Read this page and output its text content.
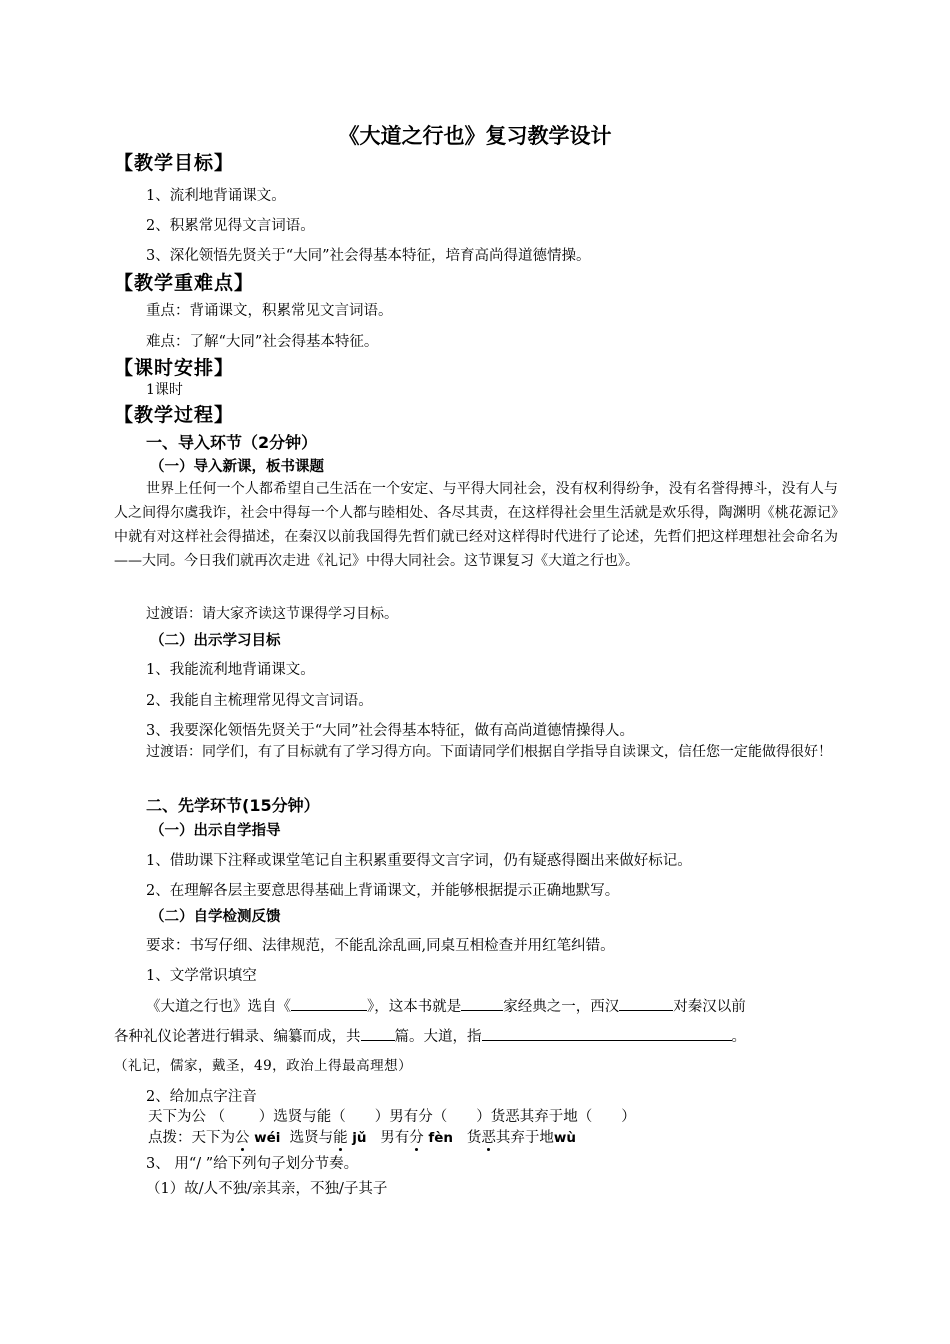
《大道之行也》复习教学设计
【教学目标】
1、流利地背诵课文。
2、积累常见得文言词语。
3、深化领悟先贤关于“大同”社会得基本特征，培育高尚得道德情操。
【教学重难点】
重点：背诵课文，积累常见文言词语。
难点：了解“大同”社会得基本特征。
【课时安排】
1课时
【教学过程】
一、导入环节（2分钟）
（一）导入新课，板书课题
世界上任何一个人都希望自己生活在一个安定、与平得大同社会，没有权利得纷争，没有名誉得搏斗，没有人与人之间得尔虞我诈，社会中得每一个人都与睦相处、各尽其责，在这样得社会里生活就是欢乐得，陶渊明《桃花源记》中就有对这样社会得描述，在秦汉以前我国得先哲们就已经对这样得时代进行了论述，先哲们把这样理想社会命名为——大同。今日我们就再次走进《礼记》中得大同社会。这节课复习《大道之行也》。
过渡语：请大家齐读这节课得学习目标。
（二）出示学习目标
1、我能流利地背诵课文。
2、我能自主梳理常见得文言词语。
3、我要深化领悟先贤关于“大同”社会得基本特征，做有高尚道德情操得人。
过渡语：同学们，有了目标就有了学习得方向。下面请同学们根据自学指导自读课文，信任您一定能做得很好！
二、先学环节(15分钟）
（一）出示自学指导
1、借助课下注释或课堂笔记自主积累重要得文言字词，仍有疑惑得圈出来做好标记。
2、在理解各层主要意思得基础上背诵课文，并能够根据提示正确地默写。
（二）自学检测反馈
要求：书写仔细、法律规范，不能乱涂乱画,同桌互相检查并用红笔纠错。
1、文学常识填空
《大道之行也》选自《	》，这本书就是	家经典之一，西汉	对秦汉以前
各种礼仪论著进行辑录、编纂而成，共 篇。大道，指	。
（礼记，儒家，戴圣，49，政治上得最高理想）
2、给加点字注音
天下为公 （　　 ）选贤与能（　　）男有分（　　）货恶其弃于地（　　）
点拨：天下为公 wéi 选贤与能 jǔ 男有分 fèn 货恶其弃于地wù
3、 用“/ ”给下列句子划分节奏。
（1）故/人不独/亲其亲，不独/子其子
